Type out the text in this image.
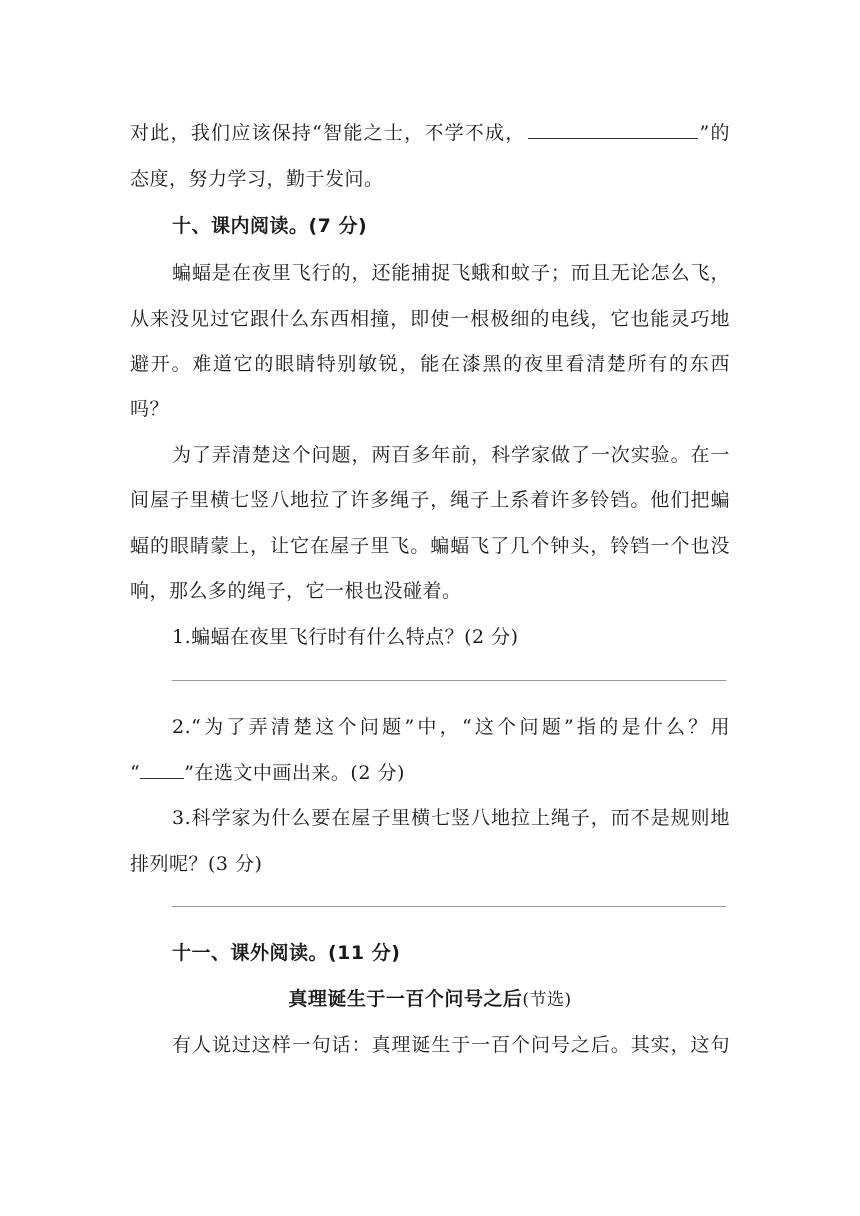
对此，我们应该保持“智能之士，不学不成，	”的
态度，努力学习，勤于发问。
十、课内阅读。(7 分)
蝙蝠是在夜里飞行的，还能捕捉飞蛾和蚊子；而且无论怎么飞，
从来没见过它跟什么东西相撞，即使一根极细的电线，它也能灵巧地
避开。难道它的眼睛特别敏锐，能在漆黑的夜里看清楚所有的东西
吗？
为了弄清楚这个问题，两百多年前，科学家做了一次实验。在一
间屋子里横七竖八地拉了许多绳子，绳子上系着许多铃铛。他们把蝙
蝠的眼睛蒙上，让它在屋子里飞。蝙蝠飞了几个钟头，铃铛一个也没
响，那么多的绳子，它一根也没碰着。
1.蝙蝠在夜里飞行时有什么特点？(2 分)
2.“为了弄清楚这个问题”中，“这个问题”指的是什么？用
“ ”在选文中画出来。(2 分)
3.科学家为什么要在屋子里横七竖八地拉上绳子，而不是规则地
排列呢？(3 分)
十一、课外阅读。(11 分)
真理诞生于一百个问号之后(节选)
有人说过这样一句话：真理诞生于一百个问号之后。其实，这句
